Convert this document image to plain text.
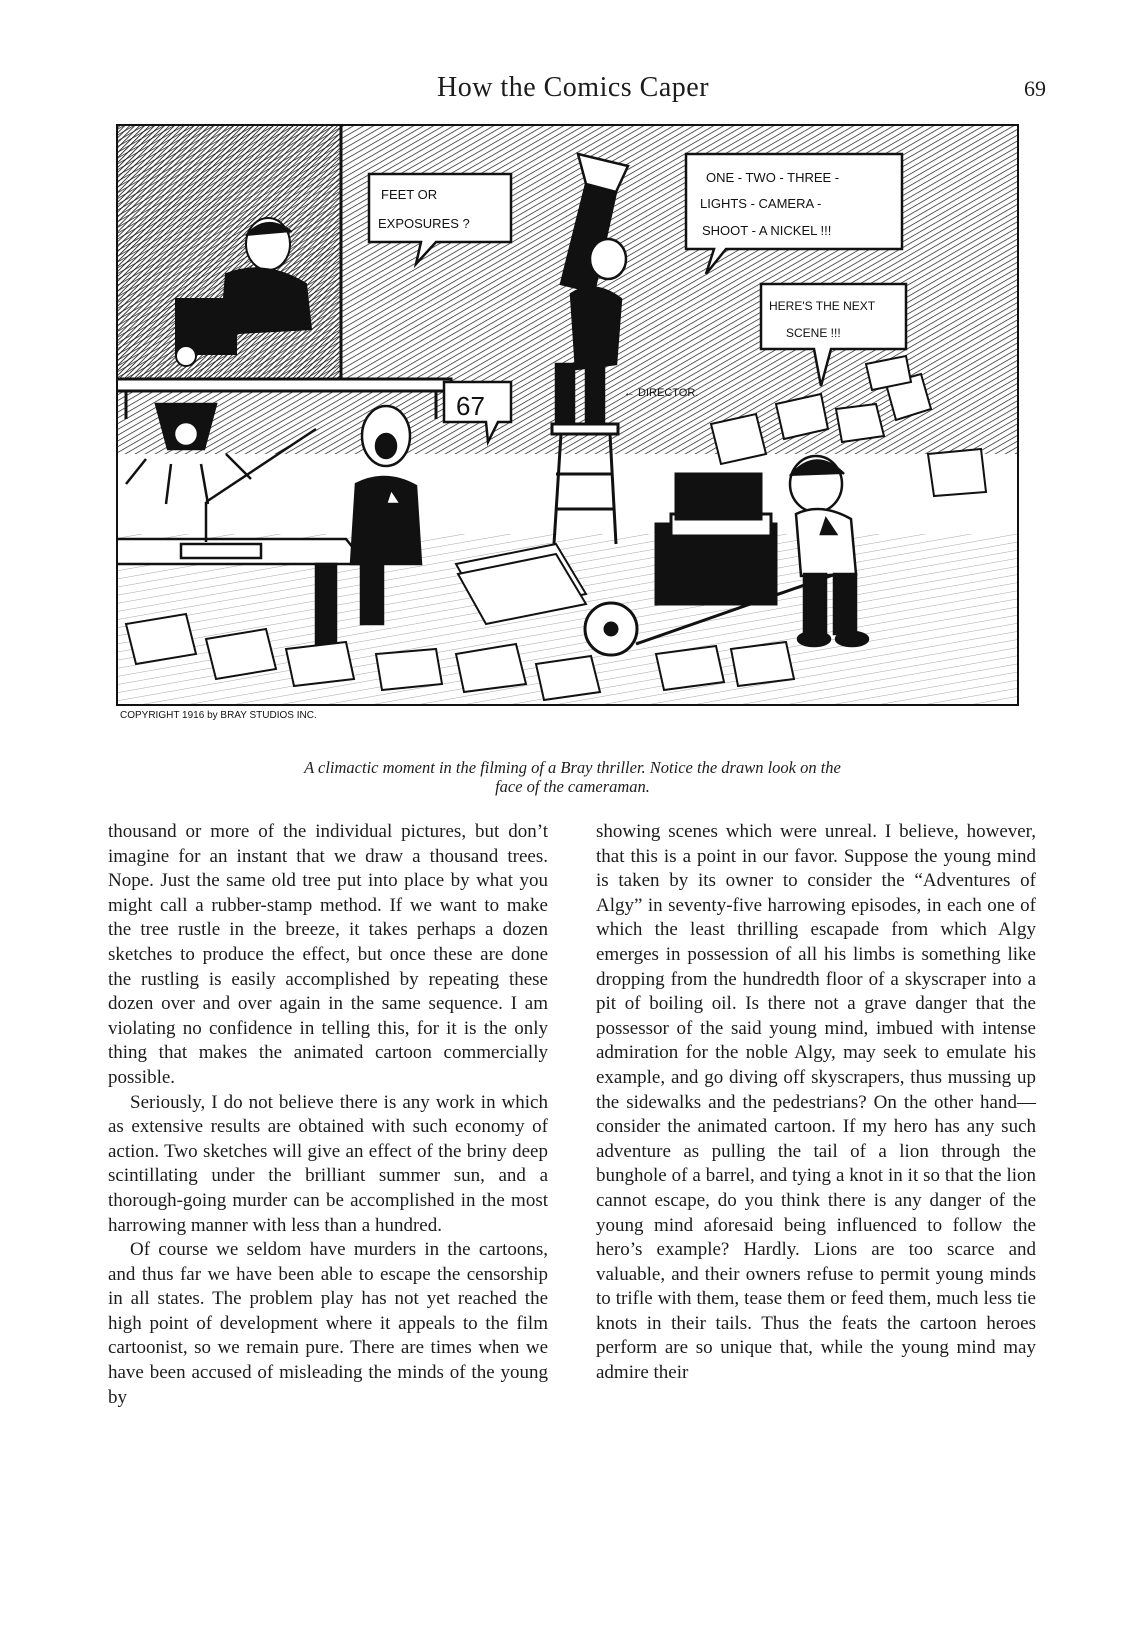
How the Comics Caper	69
FEET OR
EXPOSURES ?
ONE - TWO - THREE -
LIGHTS - CAMERA -
SHOOT - A NICKEL !!!
HERE'S THE NEXT
SCENE !!!
67	← DIRECTOR.
COPYRIGHT 1916 by BRAY STUDIOS INC.
A climactic moment in the filming of a Bray thriller. Notice the drawn look on the
face of the cameraman.

thousand or more of the individual pictures, but don’t imagine for an instant that we draw a thousand trees. Nope. Just the same old tree put into place by what you might call a rubber-stamp method. If we want to make the tree rustle in the breeze, it takes perhaps a dozen sketches to produce the effect, but once these are done the rustling is easily accomplished by repeating these dozen over and over again in the same sequence. I am violating no confidence in telling this, for it is the only thing that makes the animated cartoon commercially possible.

Seriously, I do not believe there is any work in which as extensive results are obtained with such economy of action. Two sketches will give an effect of the briny deep scintillating under the brilliant summer sun, and a thorough-going murder can be accomplished in the most harrowing manner with less than a hundred.

Of course we seldom have murders in the cartoons, and thus far we have been able to escape the censorship in all states. The problem play has not yet reached the high point of development where it appeals to the film cartoonist, so we remain pure. There are times when we have been accused of misleading the minds of the young by

showing scenes which were unreal. I believe, however, that this is a point in our favor. Suppose the young mind is taken by its owner to consider the “Adventures of Algy” in seventy-five harrowing episodes, in each one of which the least thrilling escapade from which Algy emerges in possession of all his limbs is something like dropping from the hundredth floor of a skyscraper into a pit of boiling oil. Is there not a grave danger that the possessor of the said young mind, imbued with intense admiration for the noble Algy, may seek to emulate his example, and go diving off skyscrapers, thus mussing up the sidewalks and the pedestrians? On the other hand—consider the animated cartoon. If my hero has any such adventure as pulling the tail of a lion through the bunghole of a barrel, and tying a knot in it so that the lion cannot escape, do you think there is any danger of the young mind aforesaid being influenced to follow the hero’s example? Hardly. Lions are too scarce and valuable, and their owners refuse to permit young minds to trifle with them, tease them or feed them, much less tie knots in their tails. Thus the feats the cartoon heroes perform are so unique that, while the young mind may admire their
